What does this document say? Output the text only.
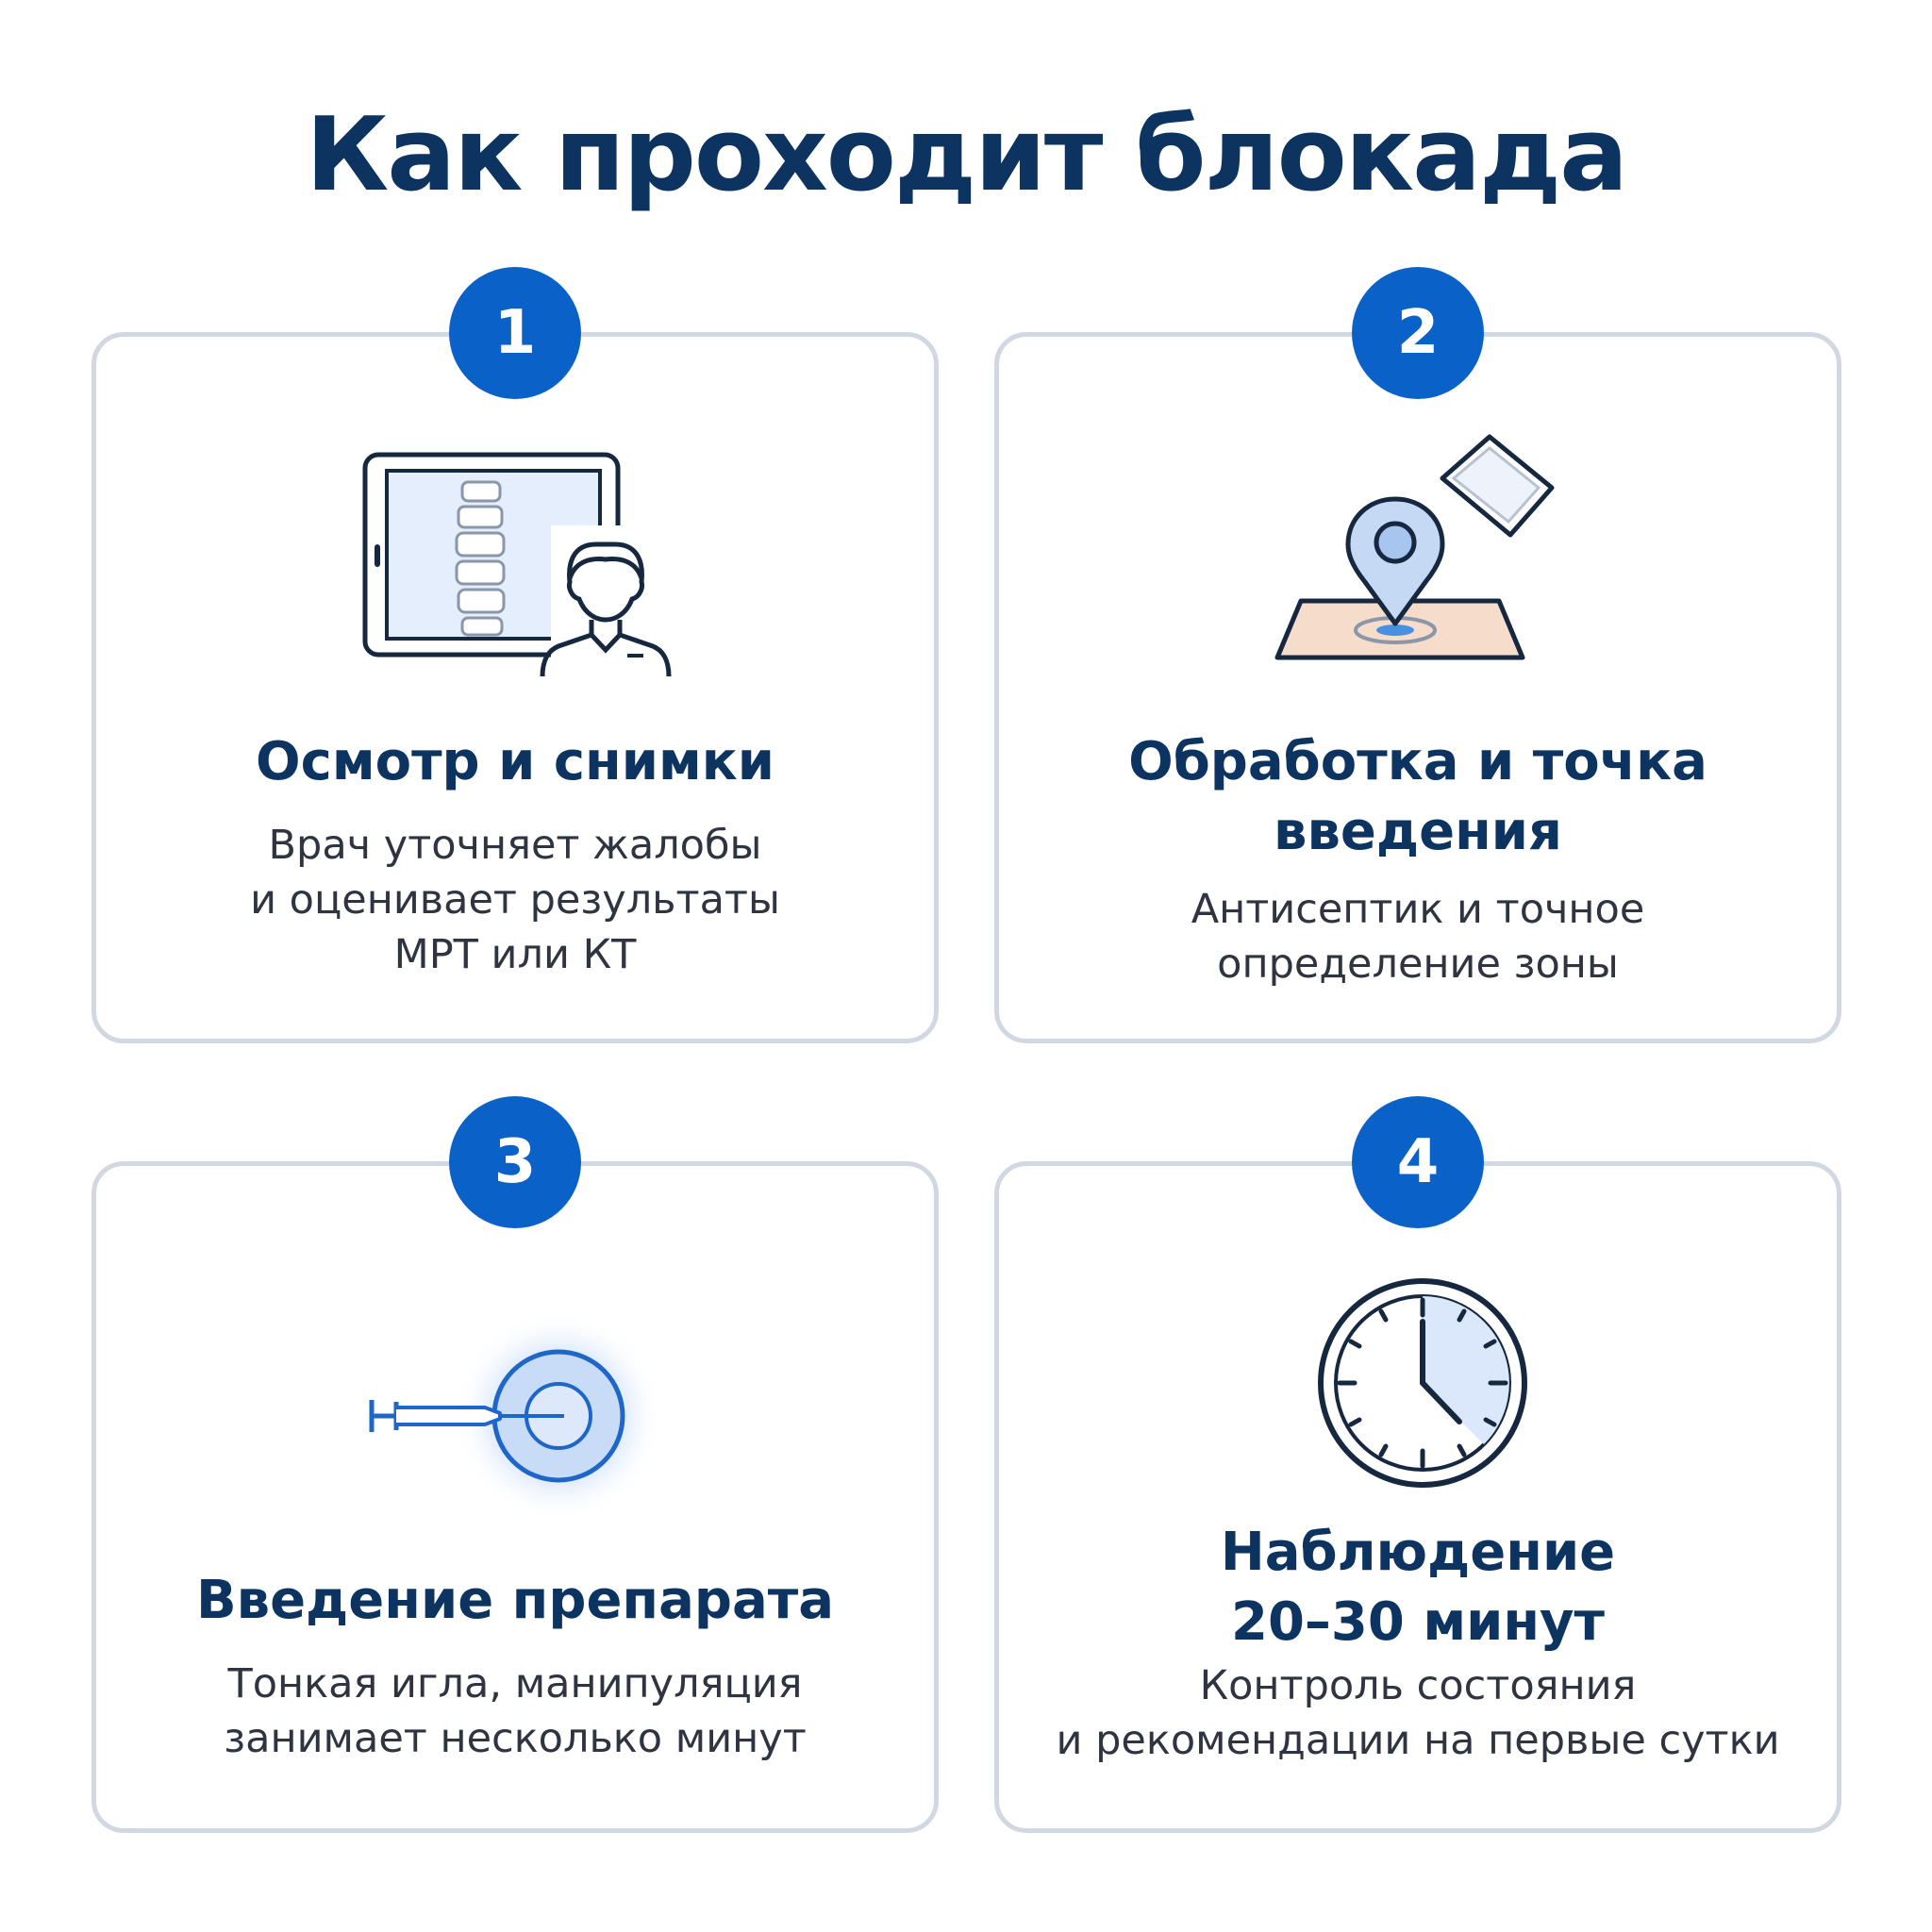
Как проходит блокада
Осмотр и снимки
Врач уточняет жалобы
и оценивает результаты
МРТ или КТ
1
Обработка и точка
введения
Антисептик и точное
определение зоны
2
Введение препарата
Тонкая игла, манипуляция
занимает несколько минут
3
Наблюдение
20–30 минут
Контроль состояния
и рекомендации на первые сутки
4
